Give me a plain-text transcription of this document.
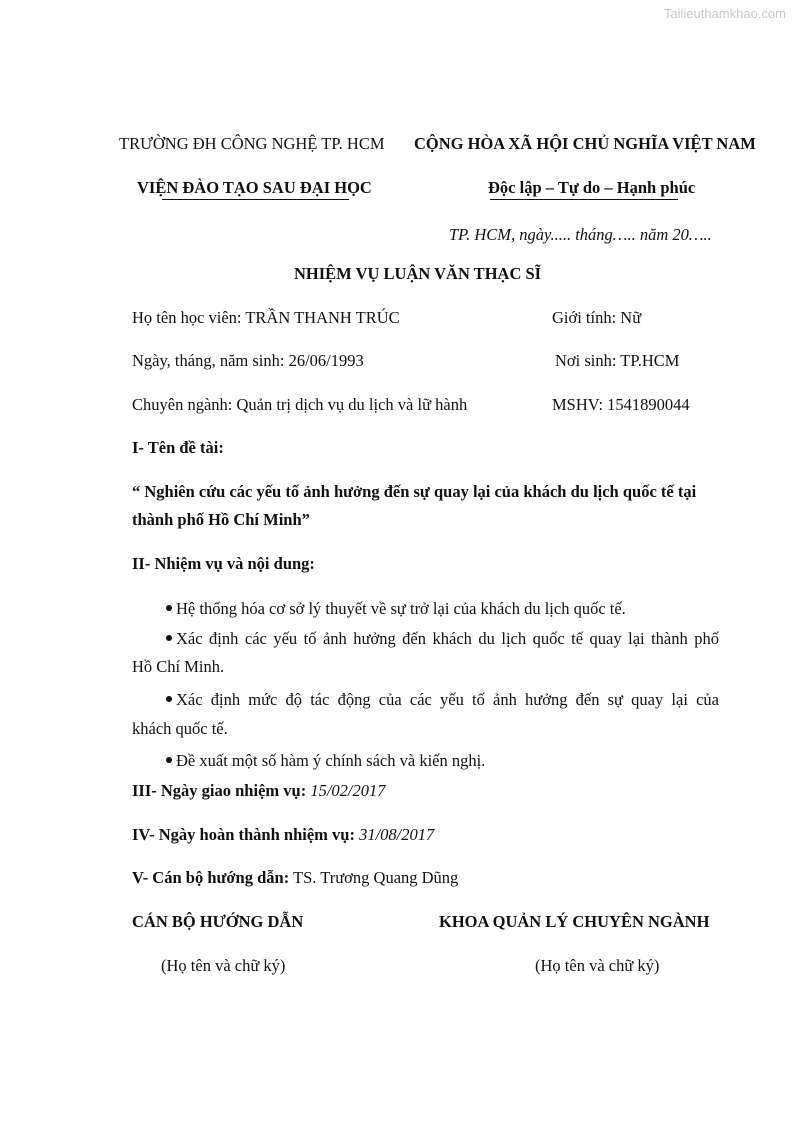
Tailieuthamkhao.com
TRƯỜNG ĐH CÔNG NGHỆ TP. HCM CỘNG HÒA XÃ HỘI CHỦ NGHĨA VIỆT NAM
VIỆN ĐÀO TẠO SAU ĐẠI HỌC	Độc lập – Tự do – Hạnh phúc
TP. HCM, ngày..... tháng….. năm 20…..
NHIỆM VỤ LUẬN VĂN THẠC SĨ
Họ tên học viên: TRẦN THANH TRÚC	Giới tính: Nữ
Ngày, tháng, năm sinh: 26/06/1993	Nơi sinh: TP.HCM
Chuyên ngành: Quản trị dịch vụ du lịch và lữ hành	MSHV: 1541890044
I- Tên đề tài:
“ Nghiên cứu các yếu tố ảnh hưởng đến sự quay lại của khách du lịch quốc tế tại
thành phố Hồ Chí Minh”
II- Nhiệm vụ và nội dung:
Hệ thống hóa cơ sở lý thuyết về sự trở lại của khách du lịch quốc tế.
Xác định các yếu tố ảnh hưởng đến khách du lịch quốc tế quay lại thành phố
Hồ Chí Minh.
Xác định mức độ tác động của các yếu tố ảnh hưởng đến sự quay lại của
khách quốc tế.
Đề xuất một số hàm ý chính sách và kiến nghị.
III- Ngày giao nhiệm vụ: 15/02/2017
IV- Ngày hoàn thành nhiệm vụ: 31/08/2017
V- Cán bộ hướng dẫn: TS. Trương Quang Dũng
CÁN BỘ HƯỚNG DẪN	KHOA QUẢN LÝ CHUYÊN NGÀNH
(Họ tên và chữ ký)	(Họ tên và chữ ký)
